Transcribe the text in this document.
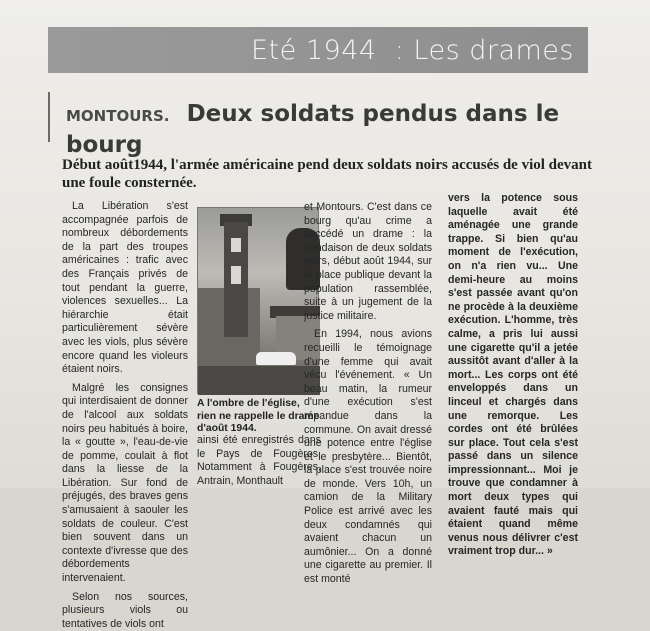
Eté 1944  : Les drames
MONTOURS. Deux soldats pendus dans le bourg
Début août1944, l'armée américaine pend deux soldats noirs accusés de viol devant une foule consternée.

La Libération s'est accompagnée parfois de nombreux débordements de la part des troupes américaines : trafic avec des Français privés de tout pendant la guerre, violences sexuelles... La hiérarchie était particulièrement sévère avec les viols, plus sévère encore quand les violeurs étaient noirs.

Malgré les consignes qui interdisaient de donner de l'alcool aux soldats noirs peu habitués à boire, la « goutte », l'eau-de-vie de pomme, coulait à flot dans la liesse de la Libération. Sur fond de préjugés, des braves gens s'amusaient à saouler les soldats de couleur. C'est bien souvent dans un contexte d'ivresse que des débordements intervenaient.

Selon nos sources, plusieurs viols ou tentatives de viols ont

A l'ombre de l'église, rien ne rappelle le drame d'août 1944.

ainsi été enregistrés dans le Pays de Fougères. Notamment à Fougères, Antrain, Monthault

et Montours. C'est dans ce bourg qu'au crime a succédé un drame : la pendaison de deux soldats noirs, début août 1944, sur la place publique devant la population rassemblée, suite à un jugement de la justice militaire.

En 1994, nous avions recueilli le témoignage d'une femme qui avait vécu l'événement. « Un beau matin, la rumeur d'une exécution s'est répandue dans la commune. On avait dressé une potence entre l'église et le presbytère... Bientôt, la place s'est trouvée noire de monde. Vers 10h, un camion de la Military Police est arrivé avec les deux condamnés qui avaient chacun un aumônier... On a donné une cigarette au premier. Il est monté

vers la potence sous laquelle avait été aménagée une grande trappe. Si bien qu'au moment de l'exécution, on n'a rien vu... Une demi-heure au moins s'est passée avant qu'on ne procède à la deuxième exécution. L'homme, très calme, a pris lui aussi une cigarette qu'il a jetée aussitôt avant d'aller à la mort... Les corps ont été enveloppés dans un linceul et chargés dans une remorque. Les cordes ont été brûlées sur place. Tout cela s'est passé dans un silence impressionnant... Moi je trouve que condamner à mort deux types qui avaient fauté mais qui étaient quand même venus nous délivrer c'est vraiment trop dur... »
